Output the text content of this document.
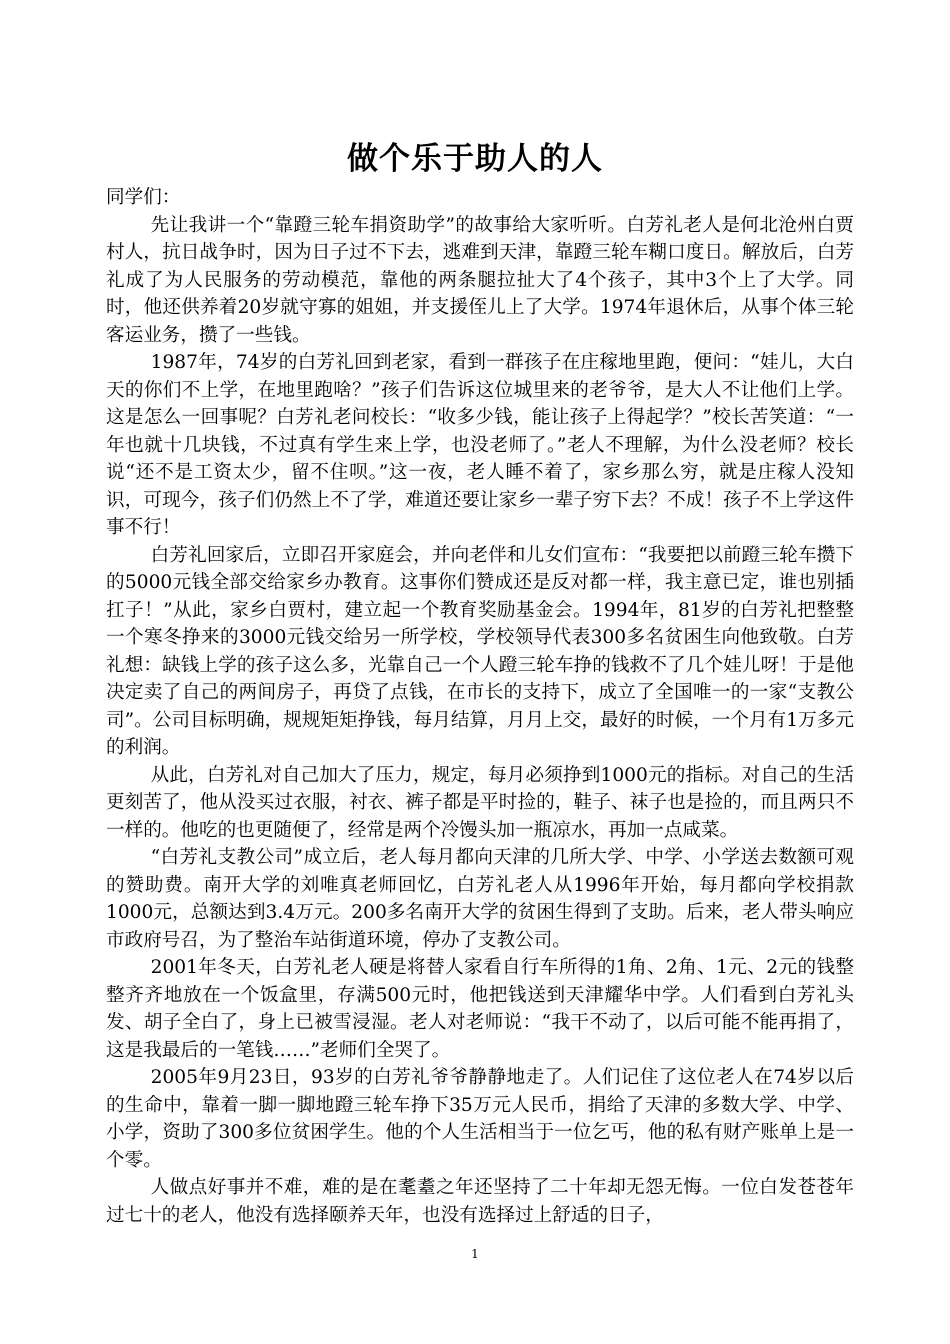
做个乐于助人的人

同学们：

先让我讲一个“靠蹬三轮车捐资助学”的故事给大家听听。白芳礼老人是何北沧州白贾村人，抗日战争时，因为日子过不下去，逃难到天津，靠蹬三轮车糊口度日。解放后，白芳礼成了为人民服务的劳动模范，靠他的两条腿拉扯大了4个孩子，其中3个上了大学。同时，他还供养着20岁就守寡的姐姐，并支援侄儿上了大学。1974年退休后，从事个体三轮客运业务，攒了一些钱。

1987年，74岁的白芳礼回到老家，看到一群孩子在庄稼地里跑，便问：“娃儿，大白天的你们不上学，在地里跑啥？”孩子们告诉这位城里来的老爷爷，是大人不让他们上学。这是怎么一回事呢？白芳礼老问校长：“收多少钱，能让孩子上得起学？”校长苦笑道：“一年也就十几块钱，不过真有学生来上学，也没老师了。”老人不理解，为什么没老师？校长说“还不是工资太少，留不住呗。”这一夜，老人睡不着了，家乡那么穷，就是庄稼人没知识，可现今，孩子们仍然上不了学，难道还要让家乡一辈子穷下去？不成！孩子不上学这件事不行！

白芳礼回家后，立即召开家庭会，并向老伴和儿女们宣布：“我要把以前蹬三轮车攒下的5000元钱全部交给家乡办教育。这事你们赞成还是反对都一样，我主意已定，谁也别插扛子！”从此，家乡白贾村，建立起一个教育奖励基金会。1994年，81岁的白芳礼把整整一个寒冬挣来的3000元钱交给另一所学校，学校领导代表300多名贫困生向他致敬。白芳礼想：缺钱上学的孩子这么多，光靠自己一个人蹬三轮车挣的钱救不了几个娃儿呀！于是他决定卖了自己的两间房子，再贷了点钱，在市长的支持下，成立了全国唯一的一家“支教公司”。公司目标明确，规规矩矩挣钱，每月结算，月月上交，最好的时候，一个月有1万多元的利润。

从此，白芳礼对自己加大了压力，规定，每月必须挣到1000元的指标。对自己的生活更刻苦了，他从没买过衣服，衬衣、裤子都是平时捡的，鞋子、袜子也是捡的，而且两只不一样的。他吃的也更随便了，经常是两个冷馒头加一瓶凉水，再加一点咸菜。

“白芳礼支教公司”成立后，老人每月都向天津的几所大学、中学、小学送去数额可观的赞助费。南开大学的刘唯真老师回忆，白芳礼老人从1996年开始，每月都向学校捐款1000元，总额达到3.4万元。200多名南开大学的贫困生得到了支助。后来，老人带头响应市政府号召，为了整治车站街道环境，停办了支教公司。

2001年冬天，白芳礼老人硬是将替人家看自行车所得的1角、2角、1元、2元的钱整整齐齐地放在一个饭盒里，存满500元时，他把钱送到天津耀华中学。人们看到白芳礼头发、胡子全白了，身上已被雪浸湿。老人对老师说：“我干不动了，以后可能不能再捐了，这是我最后的一笔钱……”老师们全哭了。

2005年9月23日，93岁的白芳礼爷爷静静地走了。人们记住了这位老人在74岁以后的生命中，靠着一脚一脚地蹬三轮车挣下35万元人民币，捐给了天津的多数大学、中学、小学，资助了300多位贫困学生。他的个人生活相当于一位乞丐，他的私有财产账单上是一个零。

人做点好事并不难，难的是在耄耋之年还坚持了二十年却无怨无悔。一位白发苍苍年过七十的老人，他没有选择颐养天年，也没有选择过上舒适的日子，

1
